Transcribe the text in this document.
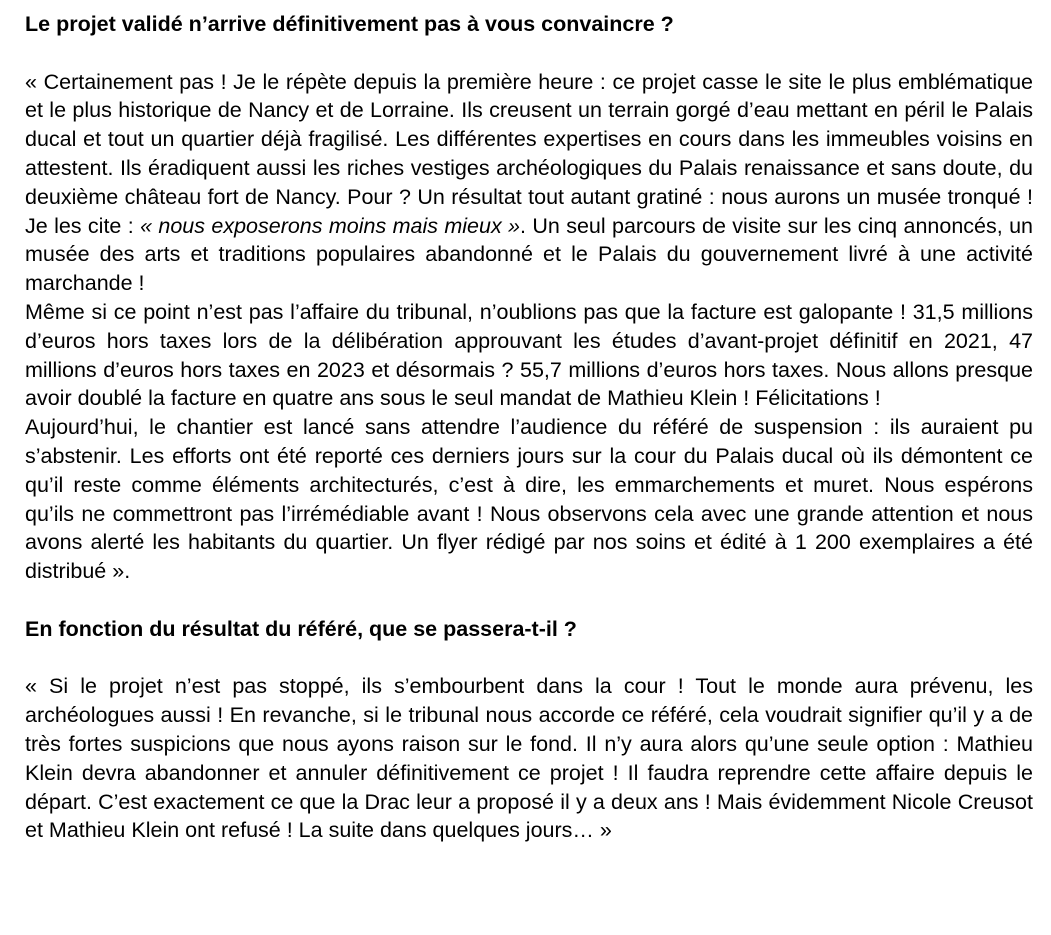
Le projet validé n’arrive définitivement pas à vous convaincre ?

« Certainement pas ! Je le répète depuis la première heure : ce projet casse le site le plus emblématique et le plus historique de Nancy et de Lorraine. Ils creusent un terrain gorgé d’eau mettant en péril le Palais ducal et tout un quartier déjà fragilisé. Les différentes expertises en cours dans les immeubles voisins en attestent. Ils éradiquent aussi les riches vestiges archéologiques du Palais renaissance et sans doute, du deuxième château fort de Nancy. Pour ? Un résultat tout autant gratiné : nous aurons un musée tronqué ! Je les cite : « nous exposerons moins mais mieux ». Un seul parcours de visite sur les cinq annoncés, un musée des arts et traditions populaires abandonné et le Palais du gouvernement livré à une activité marchande !

Même si ce point n’est pas l’affaire du tribunal, n’oublions pas que la facture est galopante ! 31,5 millions d’euros hors taxes lors de la délibération approuvant les études d’avant-projet définitif en 2021, 47 millions d’euros hors taxes en 2023 et désormais ? 55,7 millions d’euros hors taxes. Nous allons presque avoir doublé la facture en quatre ans sous le seul mandat de Mathieu Klein ! Félicitations !

Aujourd’hui, le chantier est lancé sans attendre l’audience du référé de suspension : ils auraient pu s’abstenir. Les efforts ont été reporté ces derniers jours sur la cour du Palais ducal où ils démontent ce qu’il reste comme éléments architecturés, c’est à dire, les emmarchements et muret. Nous espérons qu’ils ne commettront pas l’irrémédiable avant ! Nous observons cela avec une grande attention et nous avons alerté les habitants du quartier. Un flyer rédigé par nos soins et édité à 1 200 exemplaires a été distribué ».

En fonction du résultat du référé, que se passera-t-il ?

« Si le projet n’est pas stoppé, ils s’embourbent dans la cour ! Tout le monde aura prévenu, les archéologues aussi ! En revanche, si le tribunal nous accorde ce référé, cela voudrait signifier qu’il y a de très fortes suspicions que nous ayons raison sur le fond. Il n’y aura alors qu’une seule option : Mathieu Klein devra abandonner et annuler définitivement ce projet ! Il faudra reprendre cette affaire depuis le départ. C’est exactement ce que la Drac leur a proposé il y a deux ans ! Mais évidemment Nicole Creusot et Mathieu Klein ont refusé ! La suite dans quelques jours… »
